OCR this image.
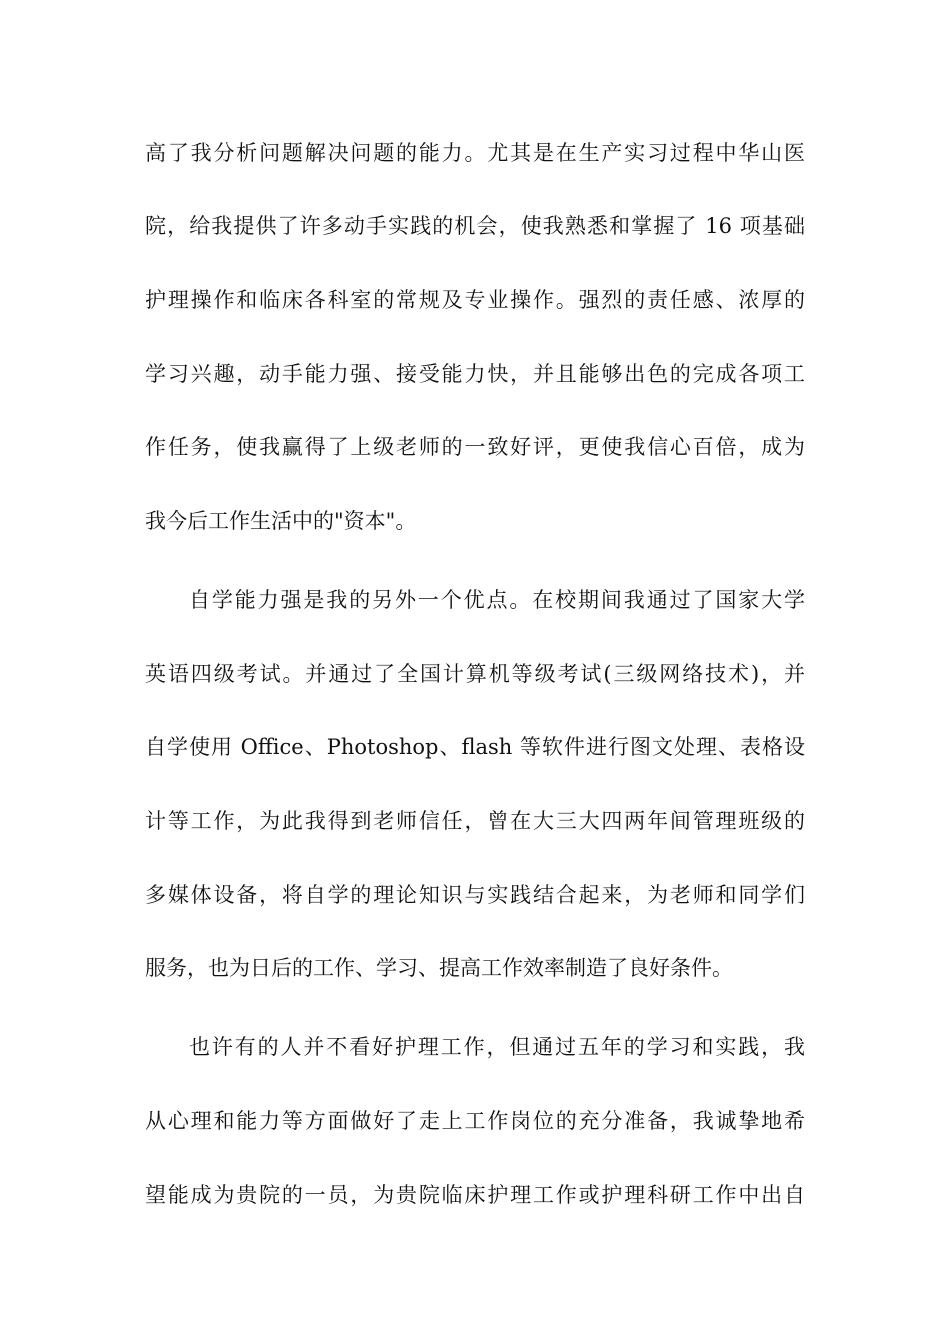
高了我分析问题解决问题的能力。尤其是在生产实习过程中华山医
院，给我提供了许多动手实践的机会，使我熟悉和掌握了 16 项基础
护理操作和临床各科室的常规及专业操作。强烈的责任感、浓厚的
学习兴趣，动手能力强、接受能力快，并且能够出色的完成各项工
作任务，使我赢得了上级老师的一致好评，更使我信心百倍，成为
我今后工作生活中的"资本"。
自学能力强是我的另外一个优点。在校期间我通过了国家大学
英语四级考试。并通过了全国计算机等级考试(三级网络技术)，并
自学使用 Office、Photoshop、flash 等软件进行图文处理、表格设
计等工作，为此我得到老师信任，曾在大三大四两年间管理班级的
多媒体设备，将自学的理论知识与实践结合起来，为老师和同学们
服务，也为日后的工作、学习、提高工作效率制造了良好条件。
也许有的人并不看好护理工作，但通过五年的学习和实践，我
从心理和能力等方面做好了走上工作岗位的充分准备，我诚挚地希
望能成为贵院的一员，为贵院临床护理工作或护理科研工作中出自
